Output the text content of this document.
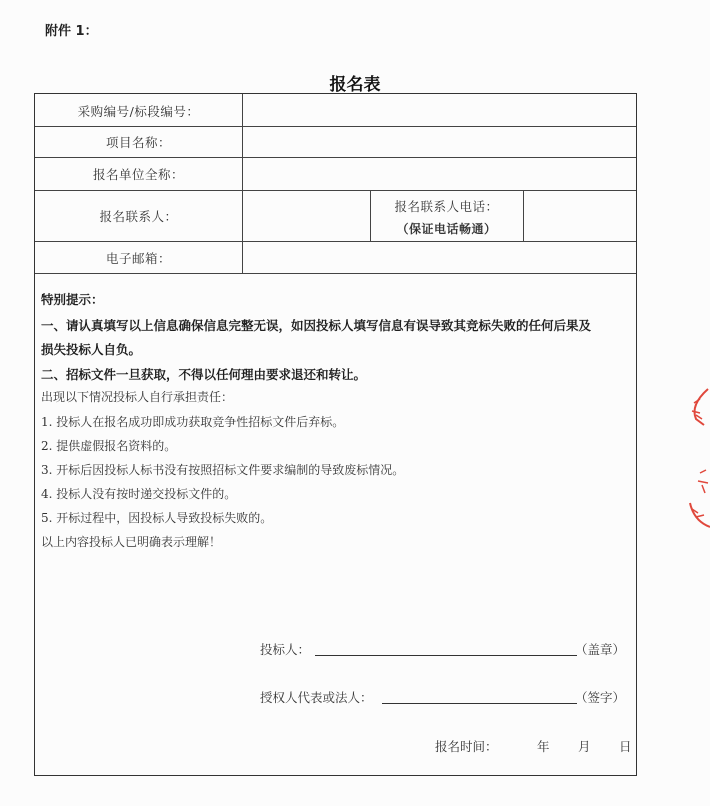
附件 1：
报名表
采购编号/标段编号：
项目名称：
报名单位全称：
报名联系人：
报名联系人电话：
（保证电话畅通）
电子邮箱：
特别提示：
一、请认真填写以上信息确保信息完整无误，如因投标人填写信息有误导致其竞标失败的任何后果及
损失投标人自负。
二、招标文件一旦获取，不得以任何理由要求退还和转让。
出现以下情况投标人自行承担责任：
1. 投标人在报名成功即成功获取竞争性招标文件后弃标。
2. 提供虚假报名资料的。
3. 开标后因投标人标书没有按照招标文件要求编制的导致废标情况。
4. 投标人没有按时递交投标文件的。
5. 开标过程中，因投标人导致投标失败的。
以上内容投标人已明确表示理解！
投标人：	（盖章）
授权人代表或法人：	（签字）
报名时间：	年 月 日
